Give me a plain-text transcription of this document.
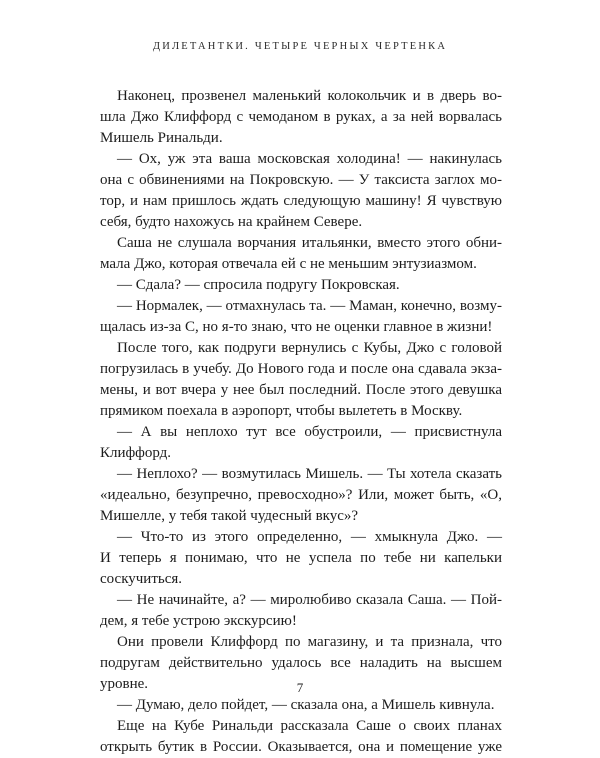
ДИЛЕТАНТКИ. ЧЕТЫРЕ ЧЕРНЫХ ЧЕРТЕНКА
Наконец, прозвенел маленький колокольчик и в дверь во-
шла Джо Клиффорд с чемоданом в руках, а за ней ворвалась
Мишель Ринальди.
— Ох, уж эта ваша московская холодина! — накинулась
она с обвинениями на Покровскую. — У таксиста заглох мо-
тор, и нам пришлось ждать следующую машину! Я чувствую
себя, будто нахожусь на крайнем Севере.
Саша не слушала ворчания итальянки, вместо этого обни-
мала Джо, которая отвечала ей с не меньшим энтузиазмом.
— Сдала? — спросила подругу Покровская.
— Нормалек, — отмахнулась та. — Маман, конечно, возму-
щалась из-за С, но я-то знаю, что не оценки главное в жизни!
После того, как подруги вернулись с Кубы, Джо с головой
погрузилась в учебу. До Нового года и после она сдавала экза-
мены, и вот вчера у нее был последний. После этого девушка
прямиком поехала в аэропорт, чтобы вылететь в Москву.
— А вы неплохо тут все обустроили, — присвистнула
Клиффорд.
— Неплохо? — возмутилась Мишель. — Ты хотела сказать
«идеально, безупречно, превосходно»? Или, может быть, «О,
Мишелле, у тебя такой чудесный вкус»?
— Что-то из этого определенно, — хмыкнула Джо. —
И теперь я понимаю, что не успела по тебе ни капельки
соскучиться.
— Не начинайте, а? — миролюбиво сказала Саша. — Пой-
дем, я тебе устрою экскурсию!
Они провели Клиффорд по магазину, и та признала, что
подругам действительно удалось все наладить на высшем
уровне.
— Думаю, дело пойдет, — сказала она, а Мишель кивнула.
Еще на Кубе Ринальди рассказала Саше о своих планах
открыть бутик в России. Оказывается, она и помещение уже
7
